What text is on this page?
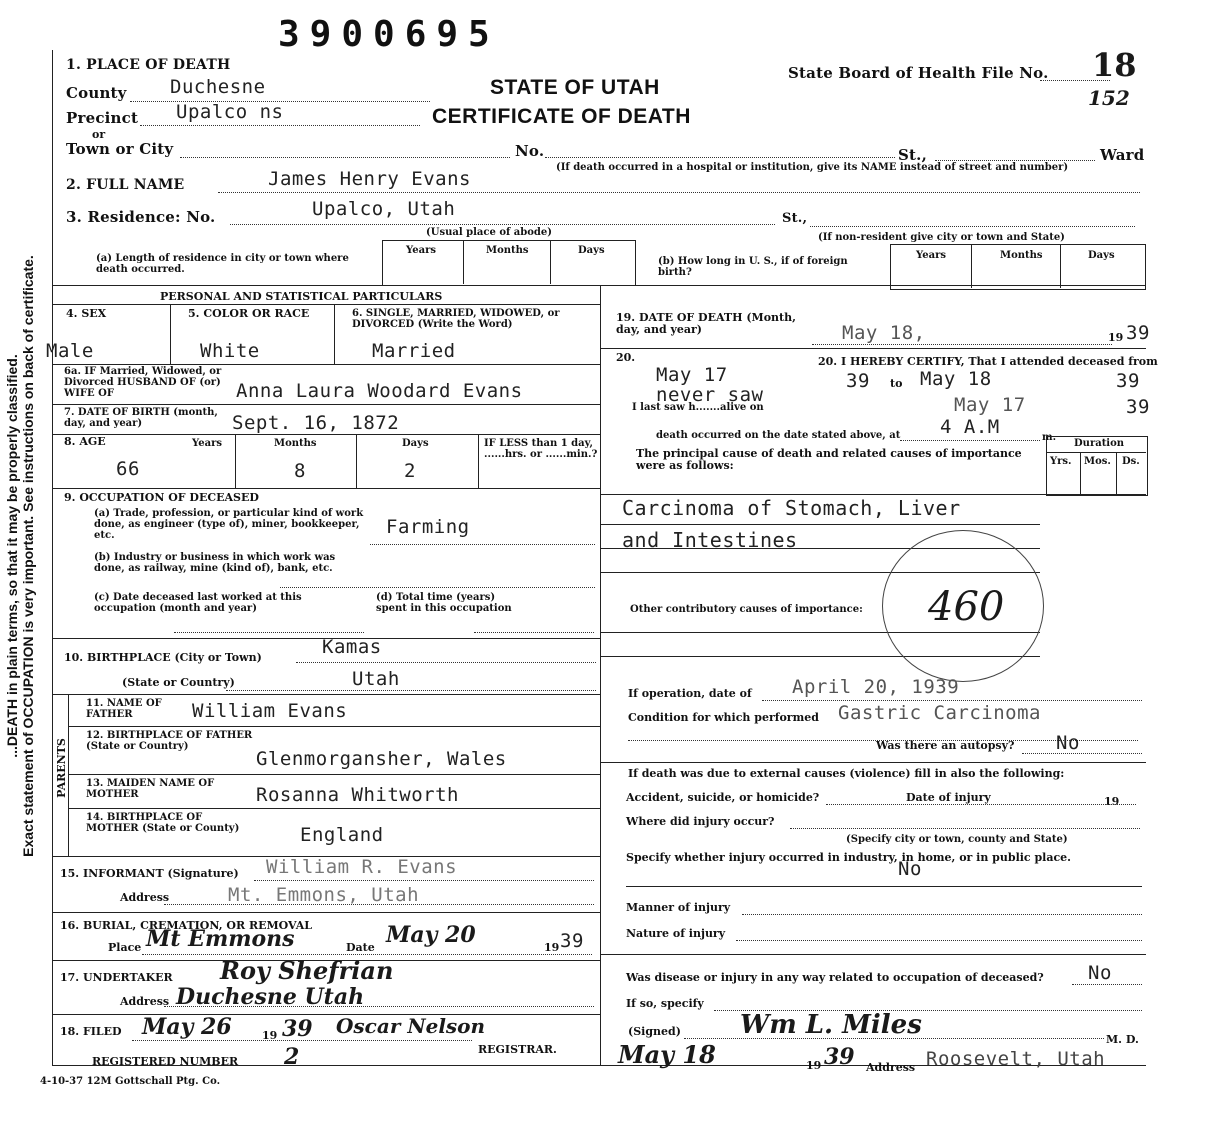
...DEATH in plain terms, so that it may be properly classified.
Exact statement of OCCUPATION is very important. See instructions on back of certificate.
3900695
STATE OF UTAH
CERTIFICATE OF DEATH
State Board of Health File No. 18
152
1. PLACE OF DEATH
County Duchesne
Precinct Upalco ns
or
Town or City	No.	St.,	Ward
(If death occurred in a hospital or institution, give its NAME instead of street and number)
2. FULL NAME	James Henry Evans
3. Residence: No.	Upalco, Utah	St.,
(Usual place of abode)	(If non-resident give city or town and State)
(a) Length of residence in city or town where death occurred.
Years	Months	Days
(b) How long in U. S., if of foreign birth?
Years	Months	Days
PERSONAL AND STATISTICAL PARTICULARS
4. SEX
Male
5. COLOR OR RACE
White
6. SINGLE, MARRIED, WIDOWED, or DIVORCED (Write the Word)
Married
6a. IF Married, Widowed, or Divorced HUSBAND OF (or) WIFE OF	Anna Laura Woodard Evans
7. DATE OF BIRTH (month, day, and year)	Sept. 16, 1872
8. AGE	Years	Months	Days	IF LESS than 1 day, ......hrs. or ......min.?
66	8	2
9. OCCUPATION OF DECEASED
(a) Trade, profession, or particular kind of work done, as engineer (type of), miner, bookkeeper, etc.	Farming
(b) Industry or business in which work was done, as railway, mine (kind of), bank, etc.
(c) Date deceased last worked at this occupation (month and year)
(d) Total time (years) spent in this occupation
10. BIRTHPLACE (City or Town)	Kamas
(State or Country)	Utah
PARENTS
11. NAME OF FATHER	William Evans
12. BIRTHPLACE OF FATHER (State or Country)
Glenmorgansher, Wales
13. MAIDEN NAME OF MOTHER	Rosanna Whitworth
14. BIRTHPLACE OF MOTHER (State or County)	England
15. INFORMANT (Signature) William R. Evans
Address	Mt. Emmons, Utah
16. BURIAL, CREMATION, OR REMOVAL
Place Mt Emmons	Date May 20	19 39
17. UNDERTAKER Roy Shefrian
Address Duchesne Utah
18. FILED May 26	19 39 Oscar Nelson
REGISTRAR.
REGISTERED NUMBER 2
19. DATE OF DEATH (Month, day, and year)	May 18,	19 39
20. I HEREBY CERTIFY, That I attended deceased from
20.
May 17	39 to May 18	39
never saw
I last saw h.......alive on	May 17	39
death occurred on the date stated above, at 4 A.M	m.
The principal cause of death and related causes of importance were as follows:
Duration
Yrs. Mos. Ds.
Carcinoma of Stomach, Liver
and Intestines
Other contributory causes of importance: 460
If operation, date of April 20, 1939
Condition for which performed Gastric Carcinoma
Was there an autopsy? No
If death was due to external causes (violence) fill in also the following:
Accident, suicide, or homicide?	Date of injury	19
Where did injury occur?
(Specify city or town, county and State)
Specify whether injury occurred in industry, in home, or in public place.
No
Manner of injury
Nature of injury
Was disease or injury in any way related to occupation of deceased? No
If so, specify
(Signed) Wm L. Miles	M. D.
May 18	19 39 Address Roosevelt, Utah
4-10-37 12M Gottschall Ptg. Co.
